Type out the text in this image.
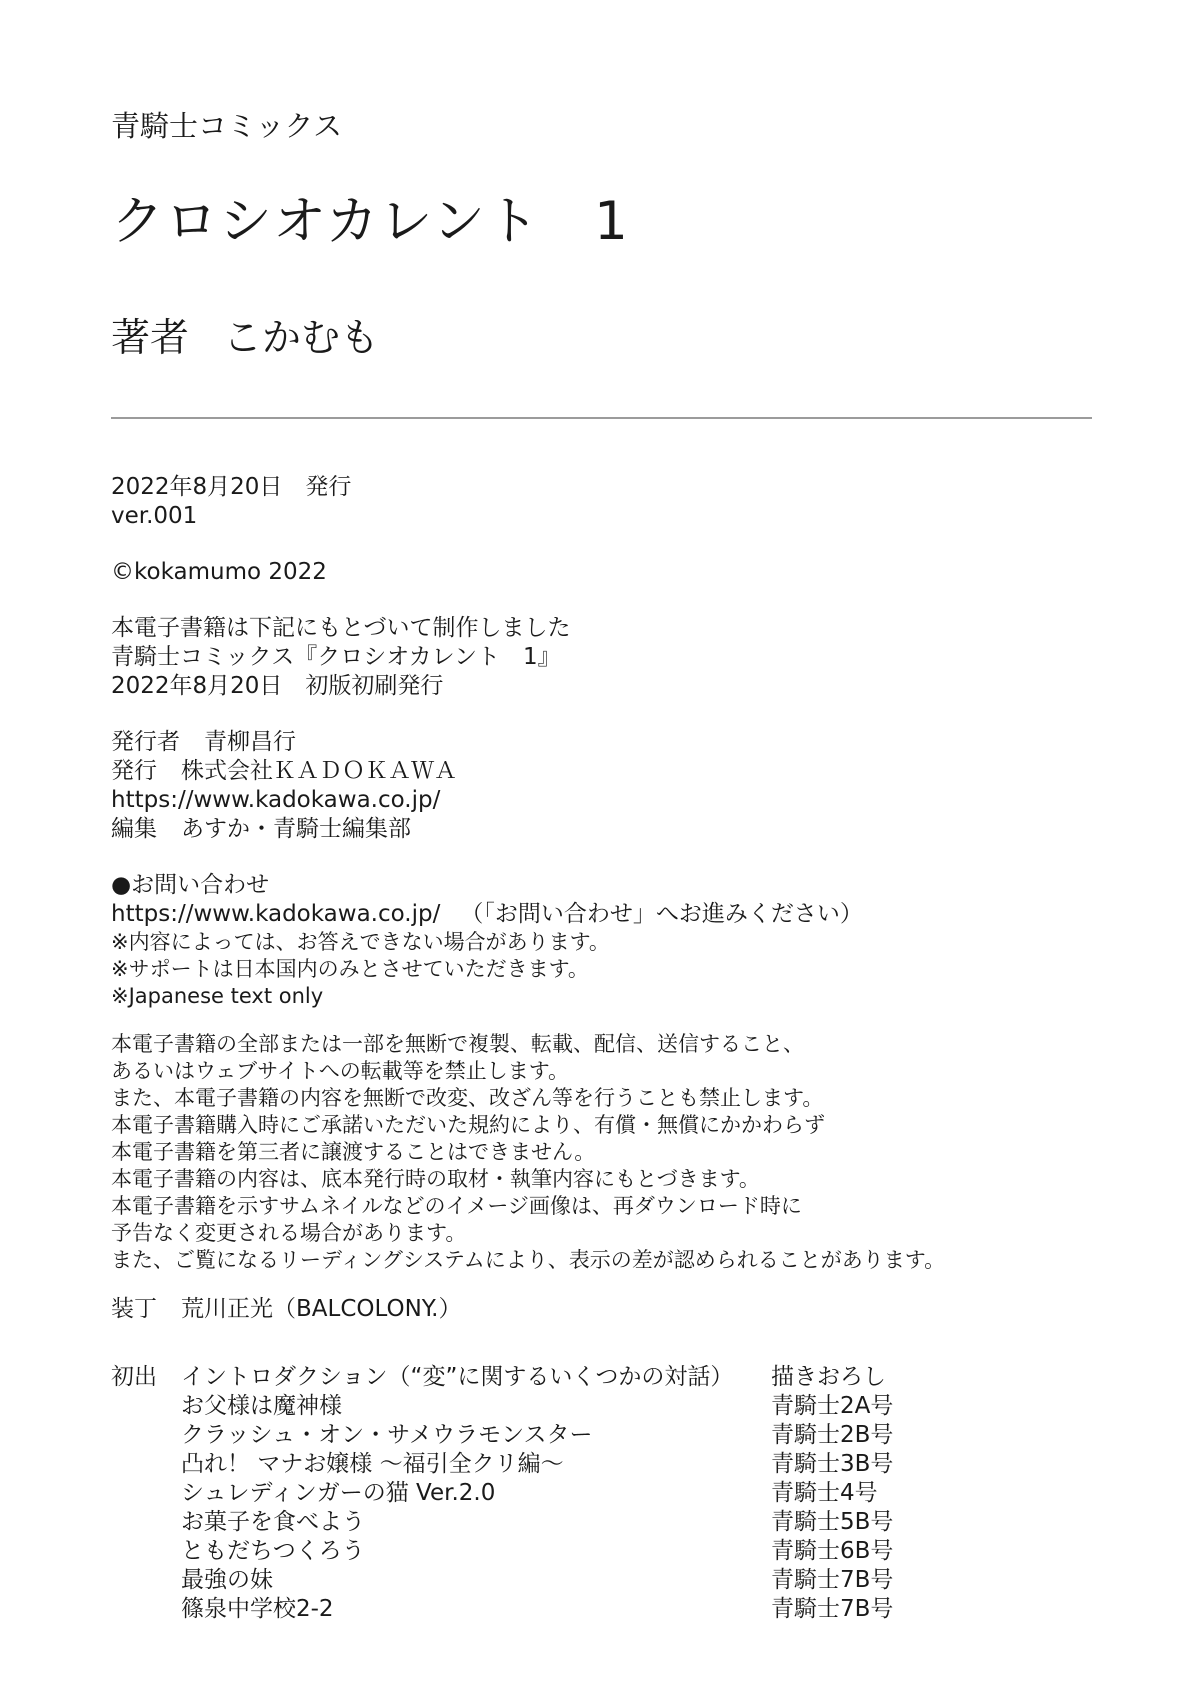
青騎士コミックス
クロシオカレント　1
著者 こかむも
2022年8月20日　発行
ver.001
©kokamumo 2022
本電子書籍は下記にもとづいて制作しました
青騎士コミックス『クロシオカレント　1』
2022年8月20日　初版初刷発行
発行者 青柳昌行
発行 株式会社ＫＡＤＯＫＡＷＡ
https://www.kadokawa.co.jp/
編集 あすか・青騎士編集部
●お問い合わせ
https://www.kadokawa.co.jp/ （「お問い合わせ」へお進みください）
※内容によっては、お答えできない場合があります。
※サポートは日本国内のみとさせていただきます。
※Japanese text only
本電子書籍の全部または一部を無断で複製、転載、配信、送信すること、
あるいはウェブサイトへの転載等を禁止します。
また、本電子書籍の内容を無断で改変、改ざん等を行うことも禁止します。
本電子書籍購入時にご承諾いただいた規約により、有償・無償にかかわらず
本電子書籍を第三者に譲渡することはできません。
本電子書籍の内容は、底本発行時の取材・執筆内容にもとづきます。
本電子書籍を示すサムネイルなどのイメージ画像は、再ダウンロード時に
予告なく変更される場合があります。
また、ご覧になるリーディングシステムにより、表示の差が認められることがあります。
装丁 荒川正光（BALCOLONY.）
初出 イントロダクション（“変”に関するいくつかの対話） 描きおろし
お父様は魔神様	青騎士2A号
クラッシュ・オン・サメウラモンスター	青騎士2B号
凸れ！ マナお嬢様 〜福引全クリ編〜	青騎士3B号
シュレディンガーの猫 Ver.2.0	青騎士4号
お菓子を食べよう	青騎士5B号
ともだちつくろう	青騎士6B号
最強の妹	青騎士7B号
篠泉中学校2-2	青騎士7B号
